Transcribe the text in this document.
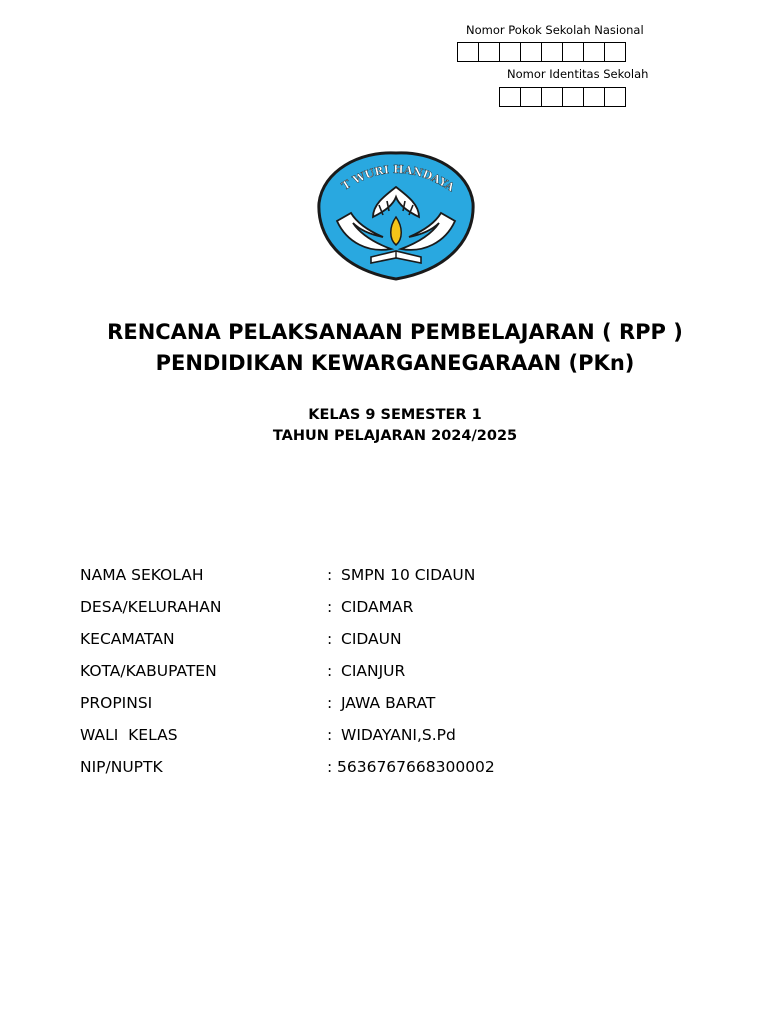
Nomor Pokok Sekolah Nasional
Nomor Identitas Sekolah
T WURI HANDAYA
RENCANA PELAKSANAAN PEMBELAJARAN ( RPP )
PENDIDIKAN KEWARGANEGARAAN (PKn)
KELAS 9 SEMESTER 1
TAHUN PELAJARAN 2024/2025
NAMA SEKOLAH	: SMPN 10 CIDAUN
DESA/KELURAHAN	: CIDAMAR
KECAMATAN	: CIDAUN
KOTA/KABUPATEN	: CIANJUR
PROPINSI	: JAWA BARAT
WALI  KELAS	: WIDAYANI,S.Pd
NIP/NUPTK	: 5636767668300002
